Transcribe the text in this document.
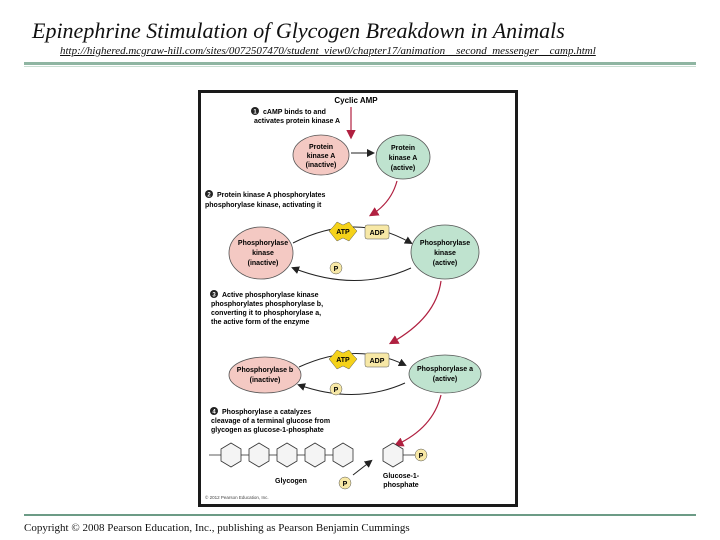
Epinephrine Stimulation of Glycogen Breakdown in Animals
http://highered.mcgraw-hill.com/sites/0072507470/student_view0/chapter17/animation__second_messenger__camp.html
Cyclic AMP
1 cAMP binds to and
activates protein kinase A
Protein
kinase A
(inactive)
Protein
kinase A
(active)
2 Protein kinase A phosphorylates
phosphorylase kinase, activating it
Phosphorylase
kinase
(inactive)
ATP	ADP
P
Phosphorylase
kinase
(active)
3 Active phosphorylase kinase
phosphorylates phosphorylase b,
converting it to phosphorylase a,
the active form of the enzyme
Phosphorylase b
(inactive)
ATP	ADP
P
Phosphorylase a
(active)
4 Phosphorylase a catalyzes
cleavage of a terminal glucose from
glycogen as glucose-1-phosphate
Glycogen	P
P
Glucose-1-
phosphate
© 2012 Pearson Education, Inc.
Copyright © 2008 Pearson Education, Inc., publishing as Pearson Benjamin Cummings
